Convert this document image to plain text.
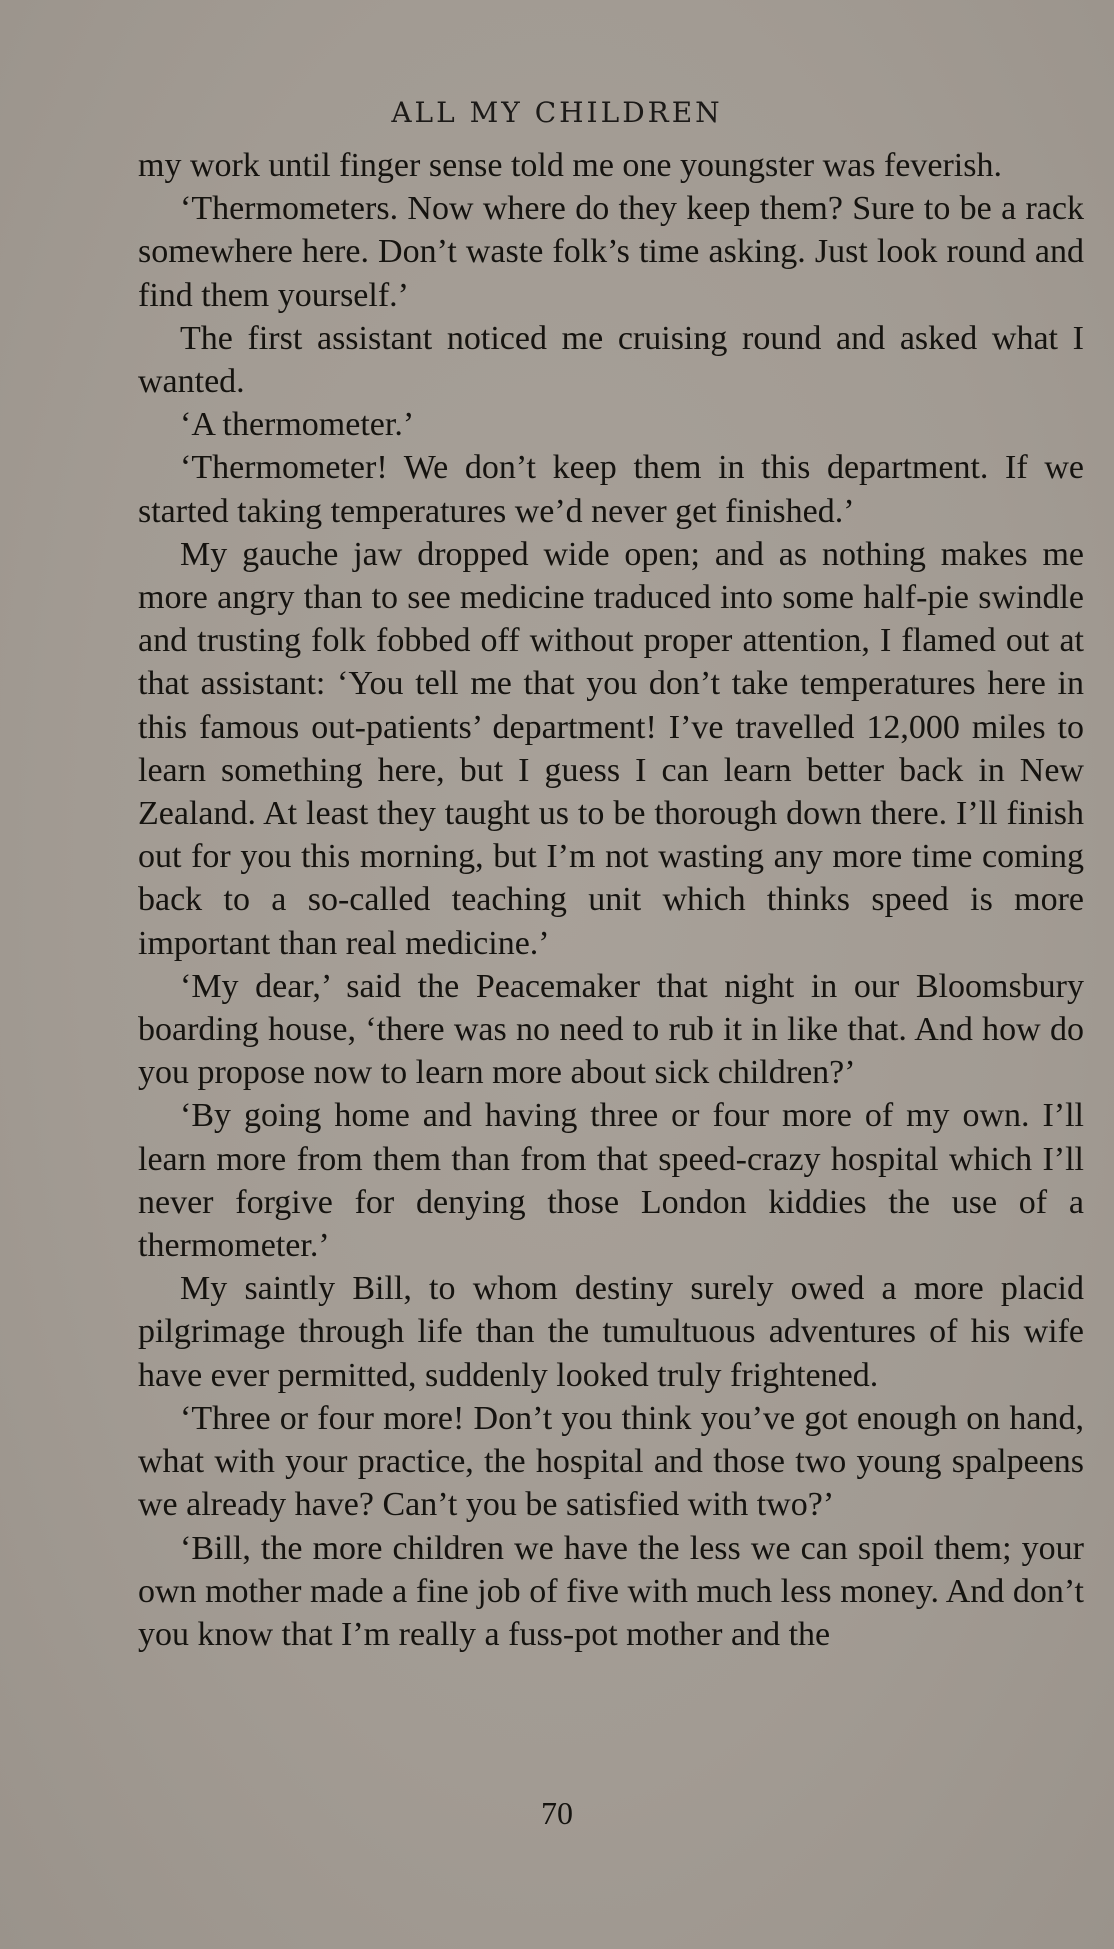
ALL MY CHILDREN

my work until finger sense told me one youngster was feverish.

‘Thermometers. Now where do they keep them? Sure to be a rack somewhere here. Don’t waste folk’s time asking. Just look round and find them yourself.’

The first assistant noticed me cruising round and asked what I wanted.

‘A thermometer.’

‘Thermometer! We don’t keep them in this department. If we started taking temperatures we’d never get finished.’

My gauche jaw dropped wide open; and as nothing makes me more angry than to see medicine traduced into some half-pie swindle and trusting folk fobbed off without proper attention, I flamed out at that assistant: ‘You tell me that you don’t take temperatures here in this famous out-patients’ department! I’ve travelled 12,000 miles to learn something here, but I guess I can learn better back in New Zealand. At least they taught us to be thorough down there. I’ll finish out for you this morning, but I’m not wasting any more time coming back to a so-called teaching unit which thinks speed is more important than real medicine.’

‘My dear,’ said the Peacemaker that night in our Bloomsbury boarding house, ‘there was no need to rub it in like that. And how do you propose now to learn more about sick children?’

‘By going home and having three or four more of my own. I’ll learn more from them than from that speed-crazy hospital which I’ll never forgive for denying those London kiddies the use of a thermometer.’

My saintly Bill, to whom destiny surely owed a more placid pilgrimage through life than the tumultuous adventures of his wife have ever permitted, suddenly looked truly frightened.

‘Three or four more! Don’t you think you’ve got enough on hand, what with your practice, the hospital and those two young spalpeens we already have? Can’t you be satisfied with two?’

‘Bill, the more children we have the less we can spoil them; your own mother made a fine job of five with much less money. And don’t you know that I’m really a fuss-pot mother and the

70
